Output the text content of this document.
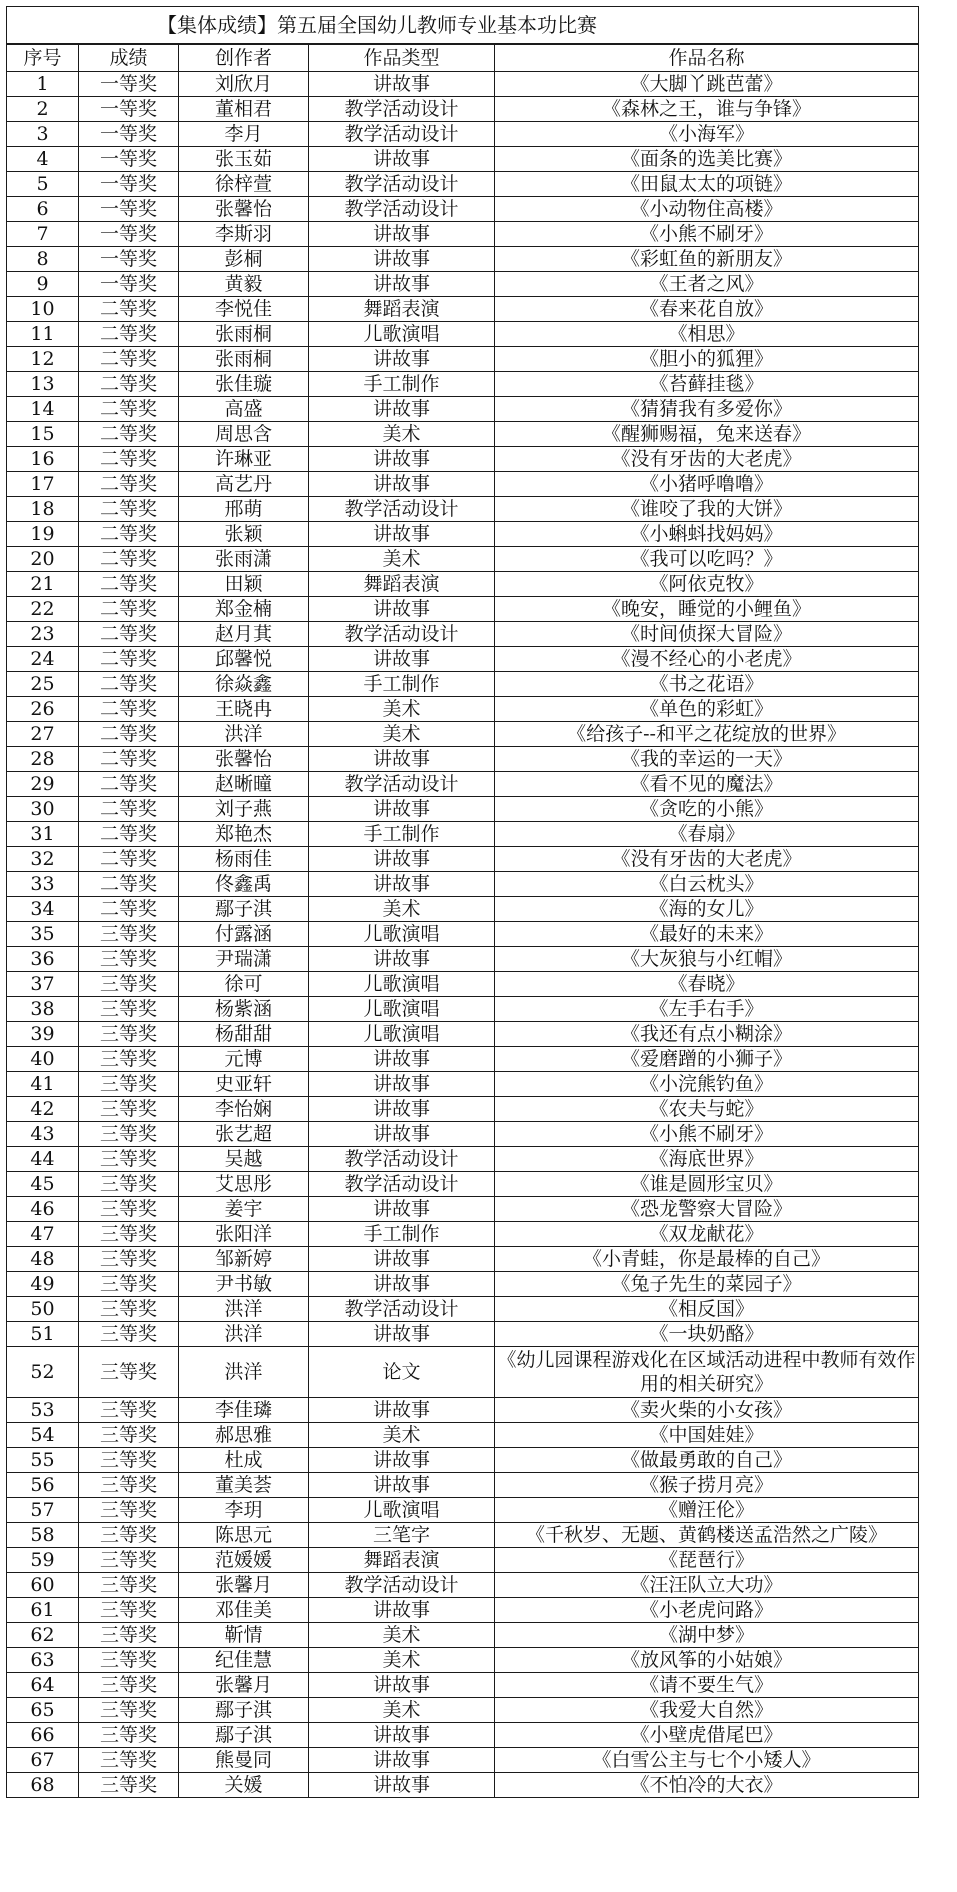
【集体成绩】第五届全国幼儿教师专业基本功比赛				
序号	成绩	创作者	作品类型	作品名称
1	一等奖	刘欣月	讲故事	《大脚丫跳芭蕾》
2	一等奖	董相君	教学活动设计	《森林之王，谁与争锋》
3	一等奖	李月	教学活动设计	《小海军》
4	一等奖	张玉茹	讲故事	《面条的选美比赛》
5	一等奖	徐梓萱	教学活动设计	《田鼠太太的项链》
6	一等奖	张馨怡	教学活动设计	《小动物住高楼》
7	一等奖	李斯羽	讲故事	《小熊不刷牙》
8	一等奖	彭桐	讲故事	《彩虹鱼的新朋友》
9	一等奖	黄毅	讲故事	《王者之风》
10	二等奖	李悦佳	舞蹈表演	《春来花自放》
11	二等奖	张雨桐	儿歌演唱	《相思》
12	二等奖	张雨桐	讲故事	《胆小的狐狸》
13	二等奖	张佳璇	手工制作	《苔藓挂毯》
14	二等奖	高盛	讲故事	《猜猜我有多爱你》
15	二等奖	周思含	美术	《醒狮赐福，兔来送春》
16	二等奖	许琳亚	讲故事	《没有牙齿的大老虎》
17	二等奖	高艺丹	讲故事	《小猪呼噜噜》
18	二等奖	邢萌	教学活动设计	《谁咬了我的大饼》
19	二等奖	张颖	讲故事	《小蝌蚪找妈妈》
20	二等奖	张雨潇	美术	《我可以吃吗？》
21	二等奖	田颖	舞蹈表演	《阿依克牧》
22	二等奖	郑金楠	讲故事	《晚安，睡觉的小鲤鱼》
23	二等奖	赵月萁	教学活动设计	《时间侦探大冒险》
24	二等奖	邱馨悦	讲故事	《漫不经心的小老虎》
25	二等奖	徐焱鑫	手工制作	《书之花语》
26	二等奖	王晓冉	美术	《单色的彩虹》
27	二等奖	洪洋	美术	《给孩子--和平之花绽放的世界》
28	二等奖	张馨怡	讲故事	《我的幸运的一天》
29	二等奖	赵晰曈	教学活动设计	《看不见的魔法》
30	二等奖	刘子燕	讲故事	《贪吃的小熊》
31	二等奖	郑艳杰	手工制作	《春扇》
32	二等奖	杨雨佳	讲故事	《没有牙齿的大老虎》
33	二等奖	佟鑫禹	讲故事	《白云枕头》
34	二等奖	鄢子淇	美术	《海的女儿》
35	三等奖	付露涵	儿歌演唱	《最好的未来》
36	三等奖	尹瑞潇	讲故事	《大灰狼与小红帽》
37	三等奖	徐可	儿歌演唱	《春晓》
38	三等奖	杨紫涵	儿歌演唱	《左手右手》
39	三等奖	杨甜甜	儿歌演唱	《我还有点小糊涂》
40	三等奖	元博	讲故事	《爱磨蹭的小狮子》
41	三等奖	史亚轩	讲故事	《小浣熊钓鱼》
42	三等奖	李怡娴	讲故事	《农夫与蛇》
43	三等奖	张艺超	讲故事	《小熊不刷牙》
44	三等奖	吴越	教学活动设计	《海底世界》
45	三等奖	艾思彤	教学活动设计	《谁是圆形宝贝》
46	三等奖	姜宇	讲故事	《恐龙警察大冒险》
47	三等奖	张阳洋	手工制作	《双龙献花》
48	三等奖	邹新婷	讲故事	《小青蛙，你是最棒的自己》
49	三等奖	尹书敏	讲故事	《兔子先生的菜园子》
50	三等奖	洪洋	教学活动设计	《相反国》
51	三等奖	洪洋	讲故事	《一块奶酪》
52	三等奖	洪洋	论文	《幼儿园课程游戏化在区域活动进程中教师有效作用的相关研究》
53	三等奖	李佳璘	讲故事	《卖火柴的小女孩》
54	三等奖	郝思雅	美术	《中国娃娃》
55	三等奖	杜成	讲故事	《做最勇敢的自己》
56	三等奖	董美荟	讲故事	《猴子捞月亮》
57	三等奖	李玥	儿歌演唱	《赠汪伦》
58	三等奖	陈思元	三笔字	《千秋岁、无题、黄鹤楼送孟浩然之广陵》
59	三等奖	范媛媛	舞蹈表演	《琵琶行》
60	三等奖	张馨月	教学活动设计	《汪汪队立大功》
61	三等奖	邓佳美	讲故事	《小老虎问路》
62	三等奖	靳情	美术	《湖中梦》
63	三等奖	纪佳慧	美术	《放风筝的小姑娘》
64	三等奖	张馨月	讲故事	《请不要生气》
65	三等奖	鄢子淇	美术	《我爱大自然》
66	三等奖	鄢子淇	讲故事	《小壁虎借尾巴》
67	三等奖	熊曼同	讲故事	《白雪公主与七个小矮人》
68	三等奖	关媛	讲故事	《不怕冷的大衣》
